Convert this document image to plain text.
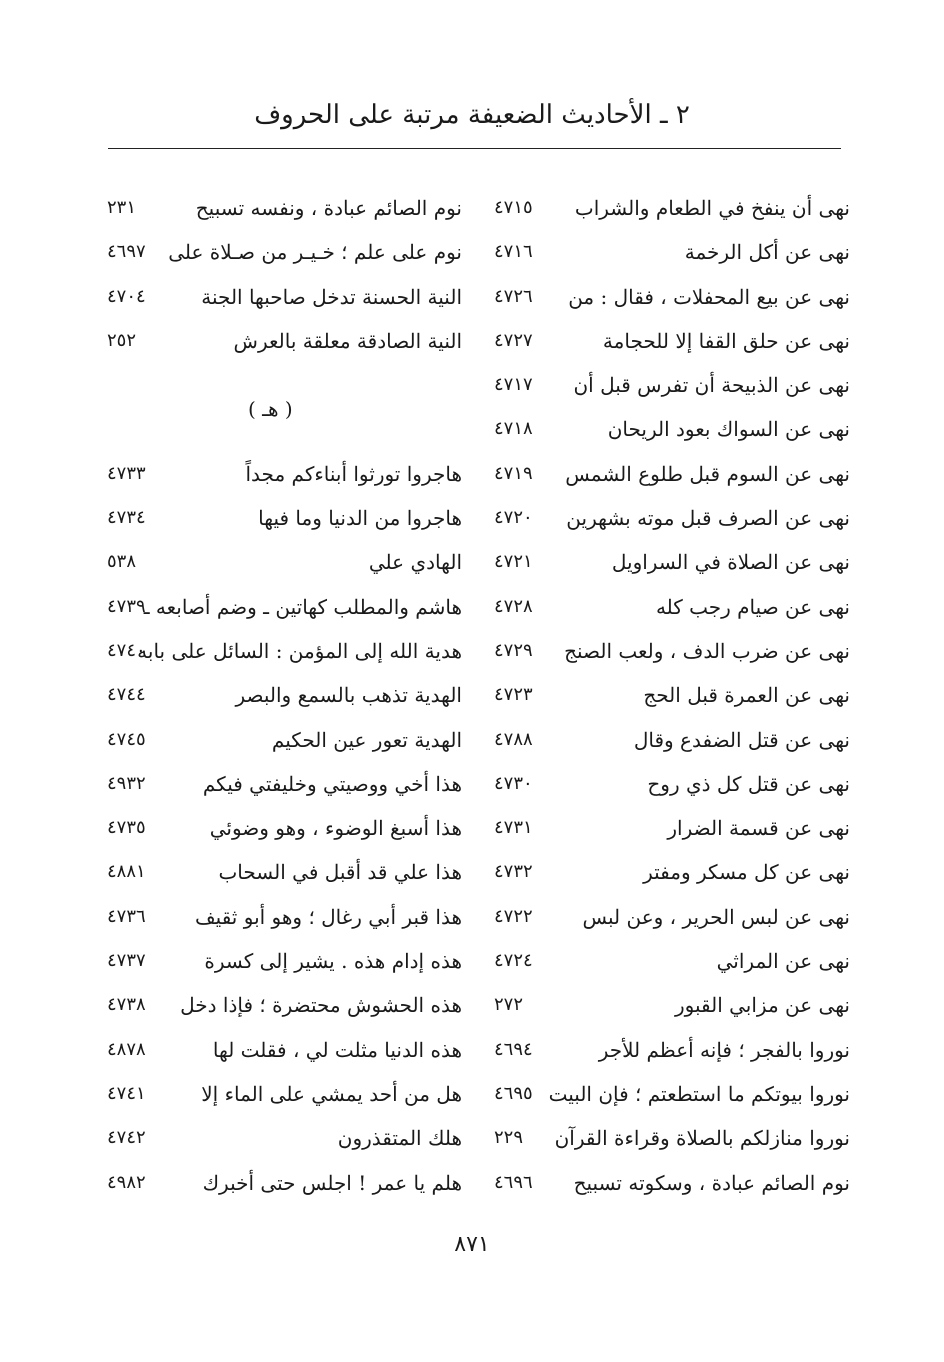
٢ ـ الأحاديث الضعيفة مرتبة على الحروف
نهى أن ينفخ في الطعام والشراب
٤٧١٥
نهى عن أكل الرخمة
٤٧١٦
نهى عن بيع المحفلات ، فقال : من
٤٧٢٦
نهى عن حلق القفا إلا للحجامة
٤٧٢٧
نهى عن الذبيحة أن تفرس قبل أن
٤٧١٧
نهى عن السواك بعود الريحان
٤٧١٨
نهى عن السوم قبل طلوع الشمس
٤٧١٩
نهى عن الصرف قبل موته بشهرين
٤٧٢٠
نهى عن الصلاة في السراويل
٤٧٢١
نهى عن صيام رجب كله
٤٧٢٨
نهى عن ضرب الدف ، ولعب الصنج
٤٧٢٩
نهى عن العمرة قبل الحج
٤٧٢٣
نهى عن قتل الضفدع وقال
٤٧٨٨
نهى عن قتل كل ذي روح
٤٧٣٠
نهى عن قسمة الضرار
٤٧٣١
نهى عن كل مسكر ومفتر
٤٧٣٢
نهى عن لبس الحرير ، وعن لبس
٤٧٢٢
نهى عن المراثي
٤٧٢٤
نهى عن مزابي القبور
٢٧٢
نوروا بالفجر ؛ فإنه أعظم للأجر
٤٦٩٤
نوروا بيوتكم ما استطعتم ؛ فإن البيت
٤٦٩٥
نوروا منازلكم بالصلاة وقراءة القرآن
٢٢٩
نوم الصائم عبادة ، وسكوته تسبيح
٤٦٩٦
نوم الصائم عبادة ، ونفسه تسبيح
٢٣١
نوم على علم ؛ خـيـر من صـلاة على
٤٦٩٧
النية الحسنة تدخل صاحبها الجنة
٤٧٠٤
النية الصادقة معلقة بالعرش
٢٥٢
هاجروا تورثوا أبناءكم مجداً
٤٧٣٣
هاجروا من الدنيا وما فيها
٤٧٣٤
الهادي علي
٥٣٨
هاشم والمطلب كهاتين ـ وضم أصابعه ـ
٤٧٣٩
هدية الله إلى المؤمن : السائل على بابه
٤٧٤٠
الهدية تذهب بالسمع والبصر
٤٧٤٤
الهدية تعور عين الحكيم
٤٧٤٥
هذا أخي ووصيتي وخليفتي فيكم
٤٩٣٢
هذا أسبغ الوضوء ، وهو وضوئي
٤٧٣٥
هذا علي قد أقبل في السحاب
٤٨٨١
هذا قبر أبي رغال ؛ وهو أبو ثقيف
٤٧٣٦
هذه إدام هذه . يشير إلى كسرة
٤٧٣٧
هذه الحشوش محتضرة ؛ فإذا دخل
٤٧٣٨
هذه الدنيا مثلت لي ، فقلت لها
٤٨٧٨
هل من أحد يمشي على الماء إلا
٤٧٤١
هلك المتقذرون
٤٧٤٢
هلم يا عمر ! اجلس حتى أخبرك
٤٩٨٢
( هـ )
٨٧١
